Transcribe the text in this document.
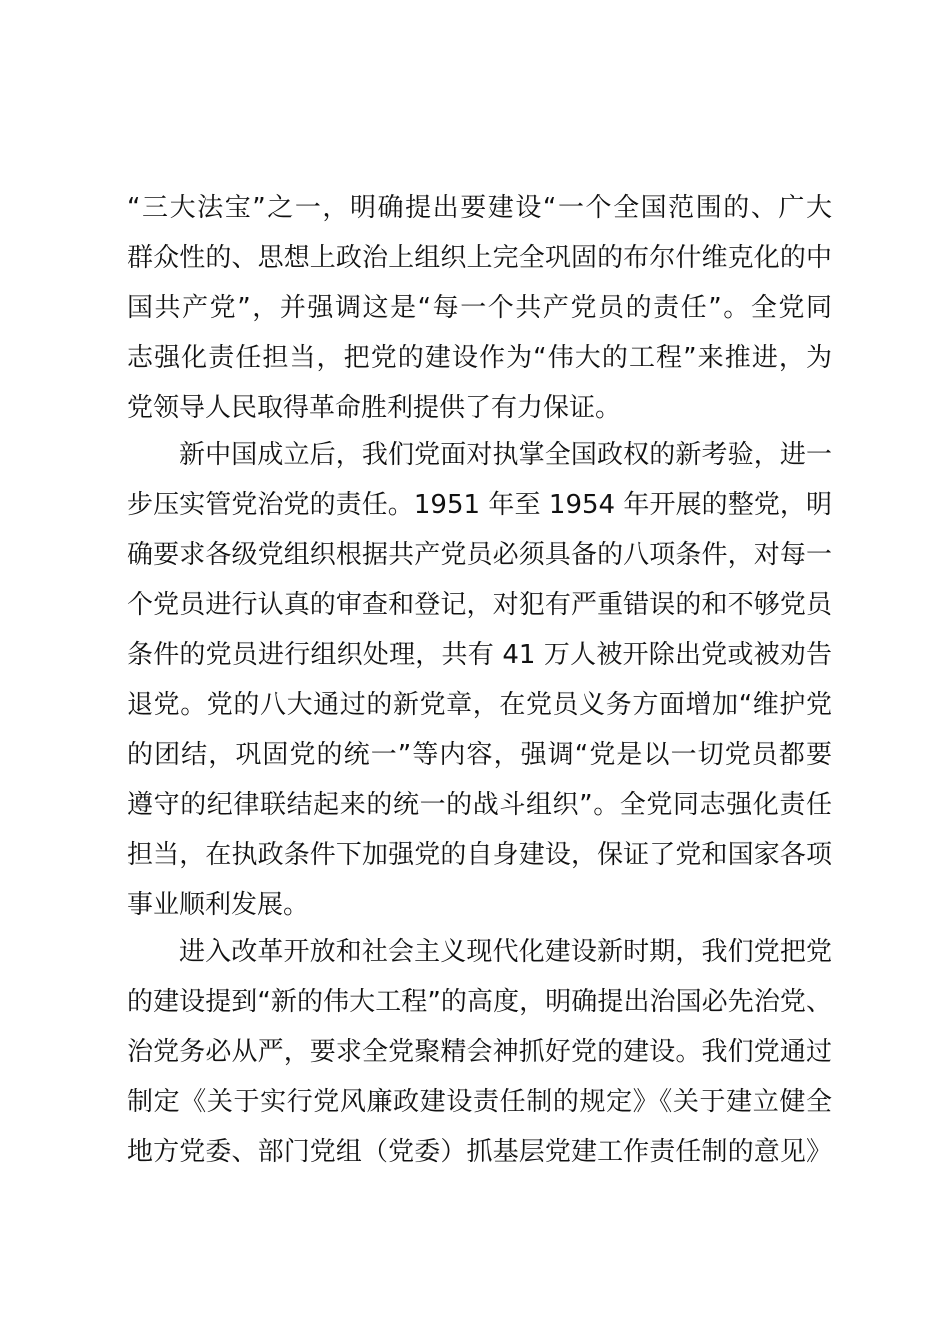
“三大法宝”之一，明确提出要建设“一个全国范围的、广大
群众性的、思想上政治上组织上完全巩固的布尔什维克化的中
国共产党”，并强调这是“每一个共产党员的责任”。全党同
志强化责任担当，把党的建设作为“伟大的工程”来推进，为
党领导人民取得革命胜利提供了有力保证。
新中国成立后，我们党面对执掌全国政权的新考验，进一
步压实管党治党的责任。1951 年至 1954 年开展的整党，明
确要求各级党组织根据共产党员必须具备的八项条件，对每一
个党员进行认真的审查和登记，对犯有严重错误的和不够党员
条件的党员进行组织处理，共有 41 万人被开除出党或被劝告
退党。党的八大通过的新党章，在党员义务方面增加“维护党
的团结，巩固党的统一”等内容，强调“党是以一切党员都要
遵守的纪律联结起来的统一的战斗组织”。全党同志强化责任
担当，在执政条件下加强党的自身建设，保证了党和国家各项
事业顺利发展。
进入改革开放和社会主义现代化建设新时期，我们党把党
的建设提到“新的伟大工程”的高度，明确提出治国必先治党、
治党务必从严，要求全党聚精会神抓好党的建设。我们党通过
制定《关于实行党风廉政建设责任制的规定》《关于建立健全
地方党委、部门党组（党委）抓基层党建工作责任制的意见》
